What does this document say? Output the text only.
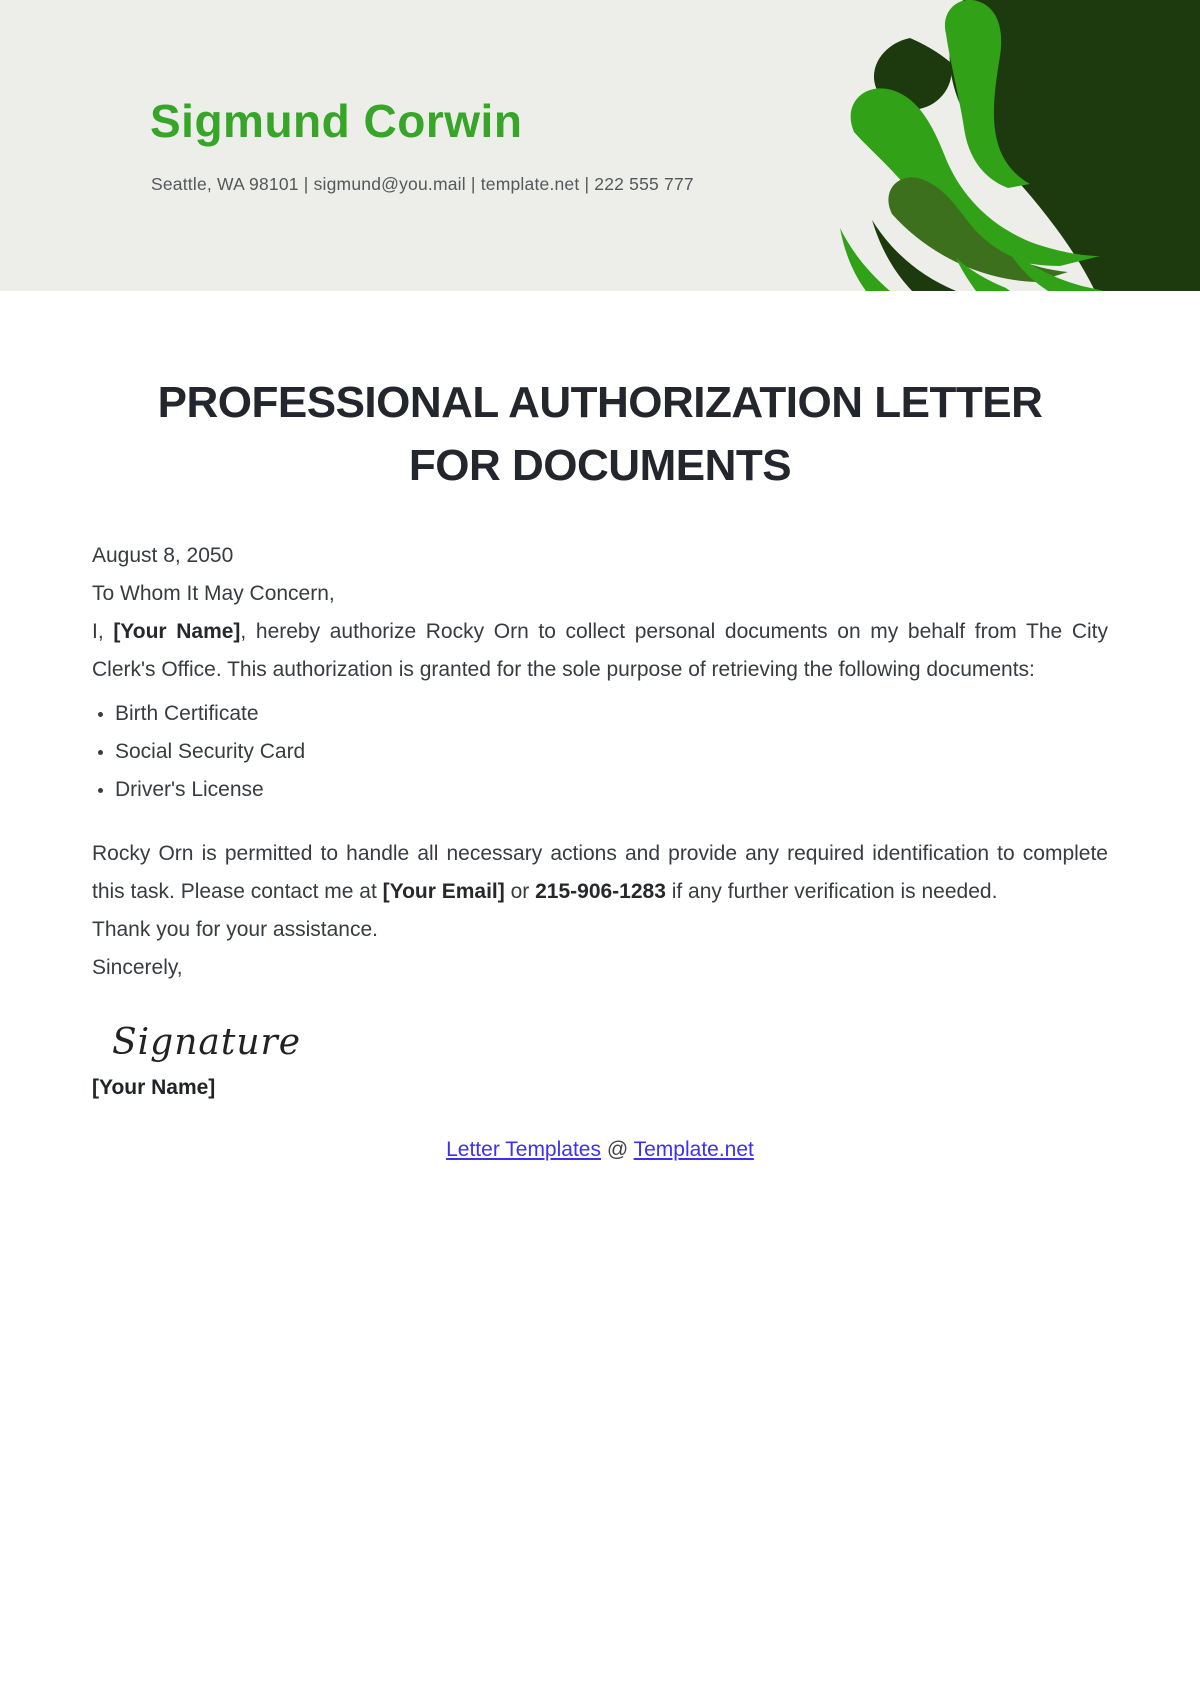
Sigmund Corwin
Seattle, WA 98101 | sigmund@you.mail | template.net | 222 555 777
PROFESSIONAL AUTHORIZATION LETTER
FOR DOCUMENTS

August 8, 2050

To Whom It May Concern,

I, [Your Name], hereby authorize Rocky Orn to collect personal documents on my behalf from The City Clerk's Office. This authorization is granted for the sole purpose of retrieving the following documents:

Birth Certificate
Social Security Card
Driver's License

Rocky Orn is permitted to handle all necessary actions and provide any required identification to complete this task. Please contact me at [Your Email] or 215-906-1283 if any further verification is needed.

Thank you for your assistance.

Sincerely,

Signature

[Your Name]

Letter Templates @ Template.net
